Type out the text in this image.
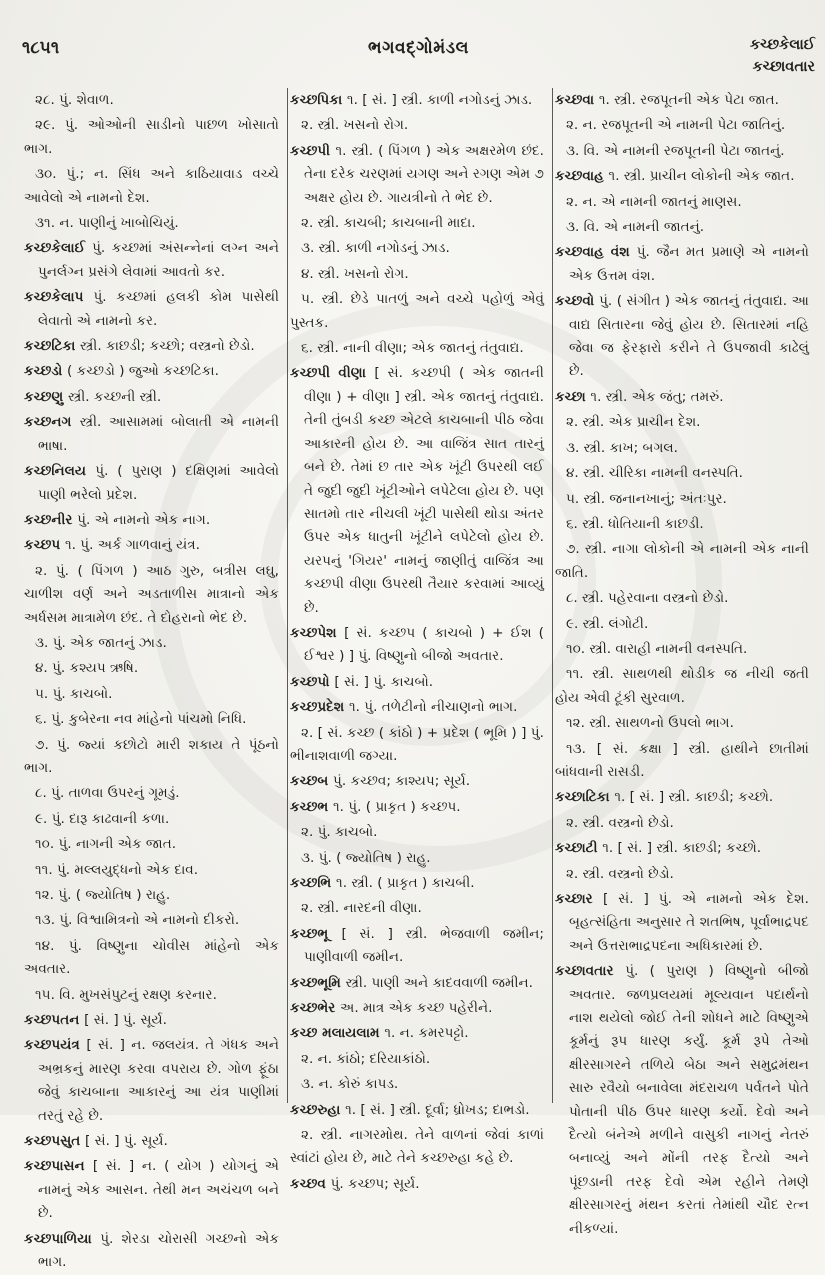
૧૮૫૧	ભગવદ્ગોમંડલ	કચ્છકેલાઈ
કચ્છાવતાર

૨૮. પું. શેવાળ.

૨૯. પું. ઓઓની સાડીનો પાછળ ખોસાતો ભાગ.

૩૦. પું.; ન. સિંધ અને કાઠિયાવાડ વચ્ચે આવેલો એ નામનો દેશ.

૩૧. ન. પાણીનું ખાબોચિયું.

કચ્છકેલાઈ પું. કચ્છમાં અંસન્નેનાં લગ્ન અને પુનર્લગ્ન પ્રસંગે લેવામાં આવતો કર.

કચ્છકેલાપ પું. કચ્છમાં હલકી કોમ પાસેથી લેવાતો એ નામનો કર.

કચ્છટિકા સ્ત્રી. કાછડી; કચ્છો; વસ્ત્રનો છેડો.

કચ્છડો ( કચ્છડો ) જુઓ કચ્છટિકા.

કચ્છણુ સ્ત્રી. કચ્છની સ્ત્રી.

કચ્છનગ સ્ત્રી. આસામમાં બોલાતી એ નામની ભાષા.

કચ્છનિલય પું. ( પુરાણ ) દક્ષિણમાં આવેલો પાણી ભરેલો પ્રદેશ.

કચ્છનીર પું. એ નામનો એક નાગ.

કચ્છપ ૧. પું. અર્ક ગાળવાનું યંત્ર.

૨. પું. ( પિંગળ ) આઠ ગુરુ, બત્રીસ લઘુ, ચાળીશ વર્ણ અને અડતાળીસ માત્રાનો એક અર્ધસમ માત્રામેળ છંદ. તે દોહરાનો ભેદ છે.

૩. પું. એક જાતનું ઝાડ.

૪. પું. કશ્યપ ઋષિ.

૫. પું. કાચબો.

૬. પું. કુબેરના નવ માંહેનો પાંચમો નિધિ.

૭. પું. જ્યાં કછોટો મારી શકાય તે પૂંઠનો ભાગ.

૮. પું. તાળવા ઉપરનું ગૂમડું.

૯. પું. દારૂ કાઢવાની કળા.

૧૦. પું. નાગની એક જાત.

૧૧. પું. મલ્લયુદ્ધનો એક દાવ.

૧૨. પું. ( જ્યોતિષ ) રાહુ.

૧૩. પું. વિશ્વામિત્રનો એ નામનો દીકરો.

૧૪. પું. વિષ્ણુના ચોવીસ માંહેનો એક અવતાર.

૧૫. વિ. મુખસંપુટનું રક્ષણ કરનાર.

કચ્છપતન [ સં. ] પું. સૂર્ય.

કચ્છપયંત્ર [ સં. ] ન. જલયંત્ર. તે ગંધક અને અભ્રકનું મારણ કરવા વપરાય છે. ગોળ ફૂંઠા જેવું કાચબાના આકારનું આ યંત્ર પાણીમાં તરતું રહે છે.

કચ્છપસુત [ સં. ] પું. સૂર્ય.

કચ્છપાસન [ સં. ] ન. ( યોગ ) યોગનું એ નામનું એક આસન. તેથી મન અચંચળ બને છે.

કચ્છપાળિયા પું. શેરડા ચોરાસી ગચ્છનો એક ભાગ.

કચ્છપિકા ૧. [ સં. ] સ્ત્રી. કાળી નગોડનું ઝાડ.

૨. સ્ત્રી. ખસનો રોગ.

કચ્છપી ૧. સ્ત્રી. ( પિંગળ ) એક અક્ષરમેળ છંદ. તેના દરેક ચરણમાં યગણ અને રગણ એમ ૭ અક્ષર હોય છે. ગાયત્રીનો તે ભેદ છે.

૨. સ્ત્રી. કાચબી; કાચબાની માદા.

૩. સ્ત્રી. કાળી નગોડનું ઝાડ.

૪. સ્ત્રી. ખસનો રોગ.

૫. સ્ત્રી. છેડે પાતળું અને વચ્ચે પહોળું એવું પુસ્તક.

૬. સ્ત્રી. નાની વીણા; એક જાતનું તંતુવાદ્ય.

કચ્છપી વીણા [ સં. કચ્છપી ( એક જાતની વીણા ) + વીણા ] સ્ત્રી. એક જાતનું તંતુવાદ્ય. તેની તુંબડી કચ્છ એટલે કાચબાની પીઠ જેવા આકારની હોય છે. આ વાજિંત્ર સાત તારનું બને છે. તેમાં છ તાર એક ખૂંટી ઉપરથી લઈ તે જુદી જુદી ખૂંટીઓને લપેટેલા હોય છે. પણ સાતમો તાર નીચલી ખૂંટી પાસેથી થોડા અંતર ઉપર એક ધાતુની ખૂંટીને લપેટેલો હોય છે. યરપનું 'ગિયર' નામનું જાણીતું વાજિંત્ર આ કચ્છપી વીણા ઉપરથી તૈયાર કરવામાં આવ્યું છે.

કચ્છપેશ [ સં. કચ્છપ ( કાચબો ) + ઈશ ( ઈશ્વર ) ] પું. વિષ્ણુનો બીજો અવતાર.

કચ્છપો [ સં. ] પું. કાચબો.

કચ્છપ્રદેશ ૧. પું. તળેટીનો નીચાણનો ભાગ.

૨. [ સં. કચ્છ ( કાંઠો ) + પ્રદેશ ( ભૂમિ ) ] પું. ભીનાશવાળી જગ્યા.

કચ્છબ પું. કચ્છવ; કાશ્યપ; સૂર્ય.

કચ્છભ ૧. પું. ( પ્રાકૃત ) કચ્છપ.

૨. પું. કાચબો.

૩. પું. ( જ્યોતિષ ) રાહુ.

કચ્છભિ ૧. સ્ત્રી. ( પ્રાકૃત ) કાચબી.

૨. સ્ત્રી. નારદની વીણા.

કચ્છભૂ [ સં. ] સ્ત્રી. ભેજવાળી જમીન; પાણીવાળી જમીન.

કચ્છભૂમિ સ્ત્રી. પાણી અને કાદવવાળી જમીન.

કચ્છભેર અ. માત્ર એક કચ્છ પહેરીને.

કચ્છ મલાયલામ ૧. ન. કમરપટ્ટો.

૨. ન. કાંઠો; દરિયાકાંઠો.

૩. ન. કોરું કાપડ.

કચ્છરુહા ૧. [ સં. ] સ્ત્રી. દૂર્વા; ધ્રોખડ; દાભડો.

૨. સ્ત્રી. નાગરમોથ. તેને વાળનાં જેવાં કાળાં સ્વાંટાં હોય છે, માટે તેને કચ્છરુહા કહે છે.

કચ્છવ પું. કચ્છપ; સૂર્ય.

કચ્છવા ૧. સ્ત્રી. રજપૂતની એક પેટા જાત.

૨. ન. રજપૂતની એ નામની પેટા જાતિનું.

૩. વિ. એ નામની રજપૂતની પેટા જાતનું.

કચ્છવાહ ૧. સ્ત્રી. પ્રાચીન લોકોની એક જાત.

૨. ન. એ નામની જાતનું માણસ.

૩. વિ. એ નામની જાતનું.

કચ્છવાહ વંશ પું. જૈન મત પ્રમાણે એ નામનો એક ઉત્તમ વંશ.

કચ્છવો પું. ( સંગીત ) એક જાતનું તંતુવાદ્ય. આ વાદ્ય સિતારના જેવું હોય છે. સિતારમાં નહિ જેવા જ ફેરફારો કરીને તે ઉપજાવી કાઢેલું છે.

કચ્છા ૧. સ્ત્રી. એક જંતુ; તમરું.

૨. સ્ત્રી. એક પ્રાચીન દેશ.

૩. સ્ત્રી. કાખ; બગલ.

૪. સ્ત્રી. ચીરિકા નામની વનસ્પતિ.

૫. સ્ત્રી. જનાનખાનું; અંતઃપુર.

૬. સ્ત્રી. ધોતિયાની કાછડી.

૭. સ્ત્રી. નાગા લોકોની એ નામની એક નાની જાતિ.

૮. સ્ત્રી. પહેરવાના વસ્ત્રનો છેડો.

૯. સ્ત્રી. લંગોટી.

૧૦. સ્ત્રી. વારાહી નામની વનસ્પતિ.

૧૧. સ્ત્રી. સાથળથી થોડીક જ નીચી જતી હોય એવી ટૂંકી સુરવાળ.

૧૨. સ્ત્રી. સાથળનો ઉપલો ભાગ.

૧૩. [ સં. કક્ષા ] સ્ત્રી. હાથીને છાતીમાં બાંધવાની રાસડી.

કચ્છાટિકા ૧. [ સં. ] સ્ત્રી. કાછડી; કચ્છો.

૨. સ્ત્રી. વસ્ત્રનો છેડો.

કચ્છાટી ૧. [ સં. ] સ્ત્રી. કાછડી; કચ્છો.

૨. સ્ત્રી. વસ્ત્રનો છેડો.

કચ્છાર [ સં. ] પું. એ નામનો એક દેશ. બૃહત્સંહિતા અનુસાર તે શતભિષ, પૂર્વાભાદ્રપદ અને ઉત્તરાભાદ્રપદના અધિકારમાં છે.

કચ્છાવતાર પું. ( પુરાણ ) વિષ્ણુનો બીજો અવતાર. જળપ્રલયમાં મૂલ્યવાન પદાર્થનો નાશ થયેલો જોઈ તેની શોધને માટે વિષ્ણુએ કૂર્મનું રૂપ ધારણ કર્યું. કૂર્મ રૂપે તેઓ ક્ષીરસાગરને તળિયે બેઠા અને સમુદ્રમંથન સારુ રવૈયો બનાવેલા મંદરાચળ પર્વતને પોતે પોતાની પીઠ ઉપર ધારણ કર્યો. દેવો અને દૈત્યો બંનેએ મળીને વાસુકી નાગનું નેતરું બનાવ્યું અને મોંની તરફ દૈત્યો અને પૂંછડાની તરફ દેવો એમ રહીને તેમણે ક્ષીરસાગરનું મંથન કરતાં તેમાંથી ચૌદ રત્ન નીકળ્યાં.
